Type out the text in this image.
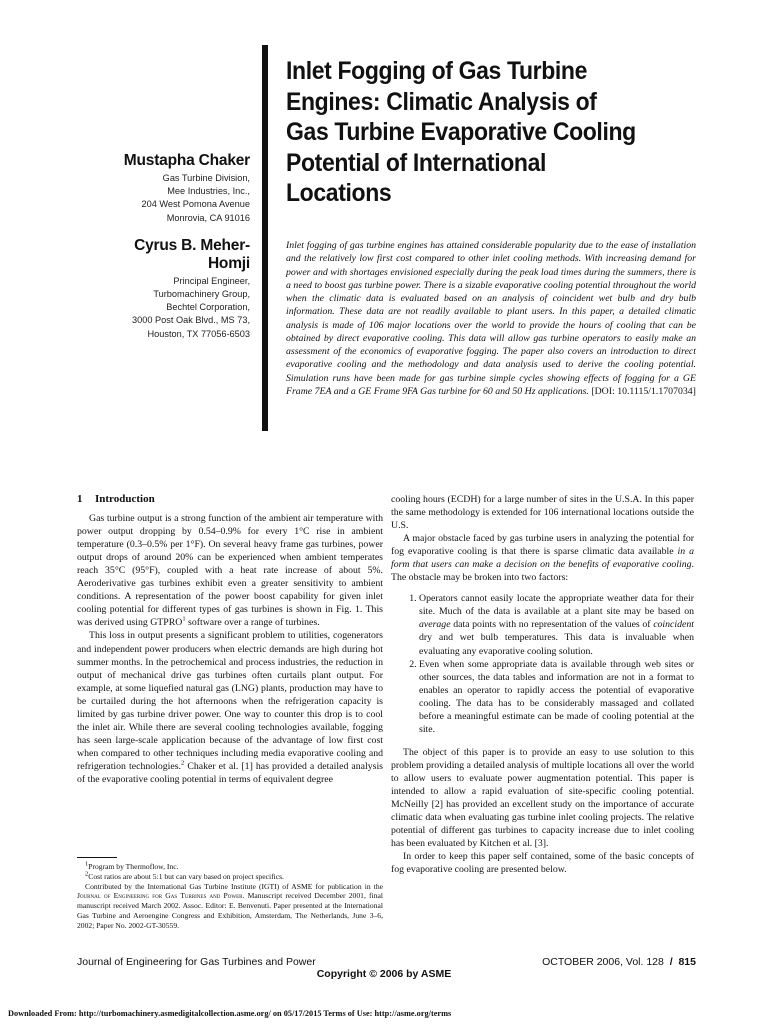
Mustapha Chaker
Gas Turbine Division,
Mee Industries, Inc.,
204 West Pomona Avenue
Monrovia, CA 91016
Cyrus B. Meher-Homji
Principal Engineer,
Turbomachinery Group,
Bechtel Corporation,
3000 Post Oak Blvd., MS 73,
Houston, TX 77056-6503
Inlet Fogging of Gas Turbine Engines: Climatic Analysis of Gas Turbine Evaporative Cooling Potential of International Locations
Inlet fogging of gas turbine engines has attained considerable popularity due to the ease of installation and the relatively low first cost compared to other inlet cooling methods. With increasing demand for power and with shortages envisioned especially during the peak load times during the summers, there is a need to boost gas turbine power. There is a sizable evaporative cooling potential throughout the world when the climatic data is evaluated based on an analysis of coincident wet bulb and dry bulb information. These data are not readily available to plant users. In this paper, a detailed climatic analysis is made of 106 major locations over the world to provide the hours of cooling that can be obtained by direct evaporative cooling. This data will allow gas turbine operators to easily make an assessment of the economics of evaporative fogging. The paper also covers an introduction to direct evaporative cooling and the methodology and data analysis used to derive the cooling potential. Simulation runs have been made for gas turbine simple cycles showing effects of fogging for a GE Frame 7EA and a GE Frame 9FA Gas turbine for 60 and 50 Hz applications. [DOI: 10.1115/1.1707034]
1 Introduction

Gas turbine output is a strong function of the ambient air temperature with power output dropping by 0.54–0.9% for every 1°C rise in ambient temperature (0.3–0.5% per 1°F). On several heavy frame gas turbines, power output drops of around 20% can be experienced when ambient temperates reach 35°C (95°F), coupled with a heat rate increase of about 5%. Aeroderivative gas turbines exhibit even a greater sensitivity to ambient conditions. A representation of the power boost capability for given inlet cooling potential for different types of gas turbines is shown in Fig. 1. This was derived using GTPRO$^1$ software over a range of turbines.

This loss in output presents a significant problem to utilities, cogenerators and independent power producers when electric demands are high during hot summer months. In the petrochemical and process industries, the reduction in output of mechanical drive gas turbines often curtails plant output. For example, at some liquefied natural gas (LNG) plants, production may have to be curtailed during the hot afternoons when the refrigeration capacity is limited by gas turbine driver power. One way to counter this drop is to cool the inlet air. While there are several cooling technologies available, fogging has seen large-scale application because of the advantage of low first cost when compared to other techniques including media evaporative cooling and refrigeration technologies.$^2$ Chaker et al. [1] has provided a detailed analysis of the evaporative cooling potential in terms of equivalent degree

$^1$Program by Thermoflow, Inc.
$^2$Cost ratios are about 5:1 but can vary based on project specifics.
Contributed by the International Gas Turbine Institute (IGTI) of ASME for publication in the Journal of Engineering for Gas Turbines and Power. Manuscript received December 2001, final manuscript received March 2002. Assoc. Editor: E. Benvenuti. Paper presented at the International Gas Turbine and Aeroengine Congress and Exhibition, Amsterdam, The Netherlands, June 3–6, 2002; Paper No. 2002-GT-30559.

cooling hours (ECDH) for a large number of sites in the U.S.A. In this paper the same methodology is extended for 106 international locations outside the U.S.

A major obstacle faced by gas turbine users in analyzing the potential for fog evaporative cooling is that there is sparse climatic data available in a form that users can make a decision on the benefits of evaporative cooling. The obstacle may be broken into two factors:

1. Operators cannot easily locate the appropriate weather data for their site. Much of the data is available at a plant site may be based on average data points with no representation of the values of coincident dry and wet bulb temperatures. This data is invaluable when evaluating any evaporative cooling solution.
2. Even when some appropriate data is available through web sites or other sources, the data tables and information are not in a format to enables an operator to rapidly access the potential of evaporative cooling. The data has to be considerably massaged and collated before a meaningful estimate can be made of cooling potential at the site.

The object of this paper is to provide an easy to use solution to this problem providing a detailed analysis of multiple locations all over the world to allow users to evaluate power augmentation potential. This paper is intended to allow a rapid evaluation of site-specific cooling potential. McNeilly [2] has provided an excellent study on the importance of accurate climatic data when evaluating gas turbine inlet cooling projects. The relative potential of different gas turbines to capacity increase due to inlet cooling has been evaluated by Kitchen et al. [3].

In order to keep this paper self contained, some of the basic concepts of fog evaporative cooling are presented below.

Journal of Engineering for Gas Turbines and Power	OCTOBER 2006, Vol. 128 / 815
Copyright © 2006 by ASME
Downloaded From: http://turbomachinery.asmedigitalcollection.asme.org/ on 05/17/2015 Terms of Use: http://asme.org/terms
